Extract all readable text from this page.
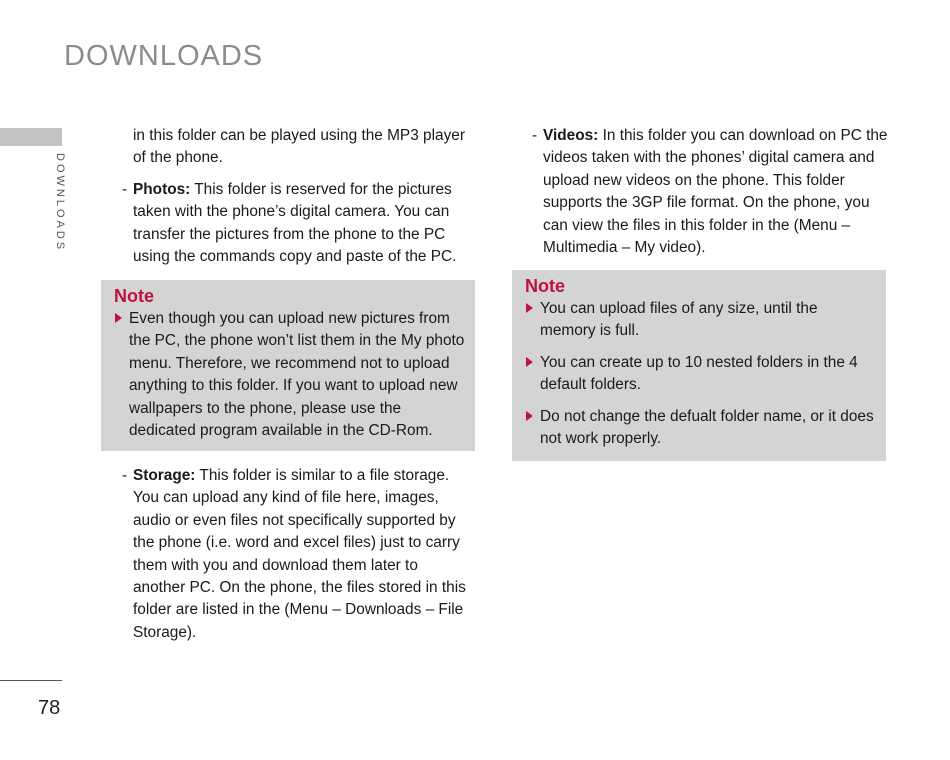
DOWNLOADS
DOWNLOADS
78

in this folder can be played using the MP3 player of the phone.

- Photos: This folder is reserved for the pictures taken with the phone’s digital camera. You can transfer the pictures from the phone to the PC using the commands copy and paste of the PC.

Note

Even though you can upload new pictures from the PC, the phone won’t list them in the My photo menu. Therefore, we recommend not to upload anything to this folder. If you want to upload new wallpapers to the phone, please use the dedicated program available in the CD-Rom.

- Storage: This folder is similar to a file storage. You can upload any kind of file here, images, audio or even files not specifically supported by the phone (i.e. word and excel files) just to carry them with you and download them later to another PC. On the phone, the files stored in this folder are listed in the (Menu – Downloads – File Storage).

- Videos: In this folder you can download on PC the videos taken with the phones’ digital camera and upload new videos on the phone. This folder supports the 3GP file format. On the phone, you can view the files in this folder in the (Menu – Multimedia – My video).

Note

You can upload files of any size, until the memory is full.

You can create up to 10 nested folders in the 4 default folders.

Do not change the defualt folder name, or it does not work properly.
